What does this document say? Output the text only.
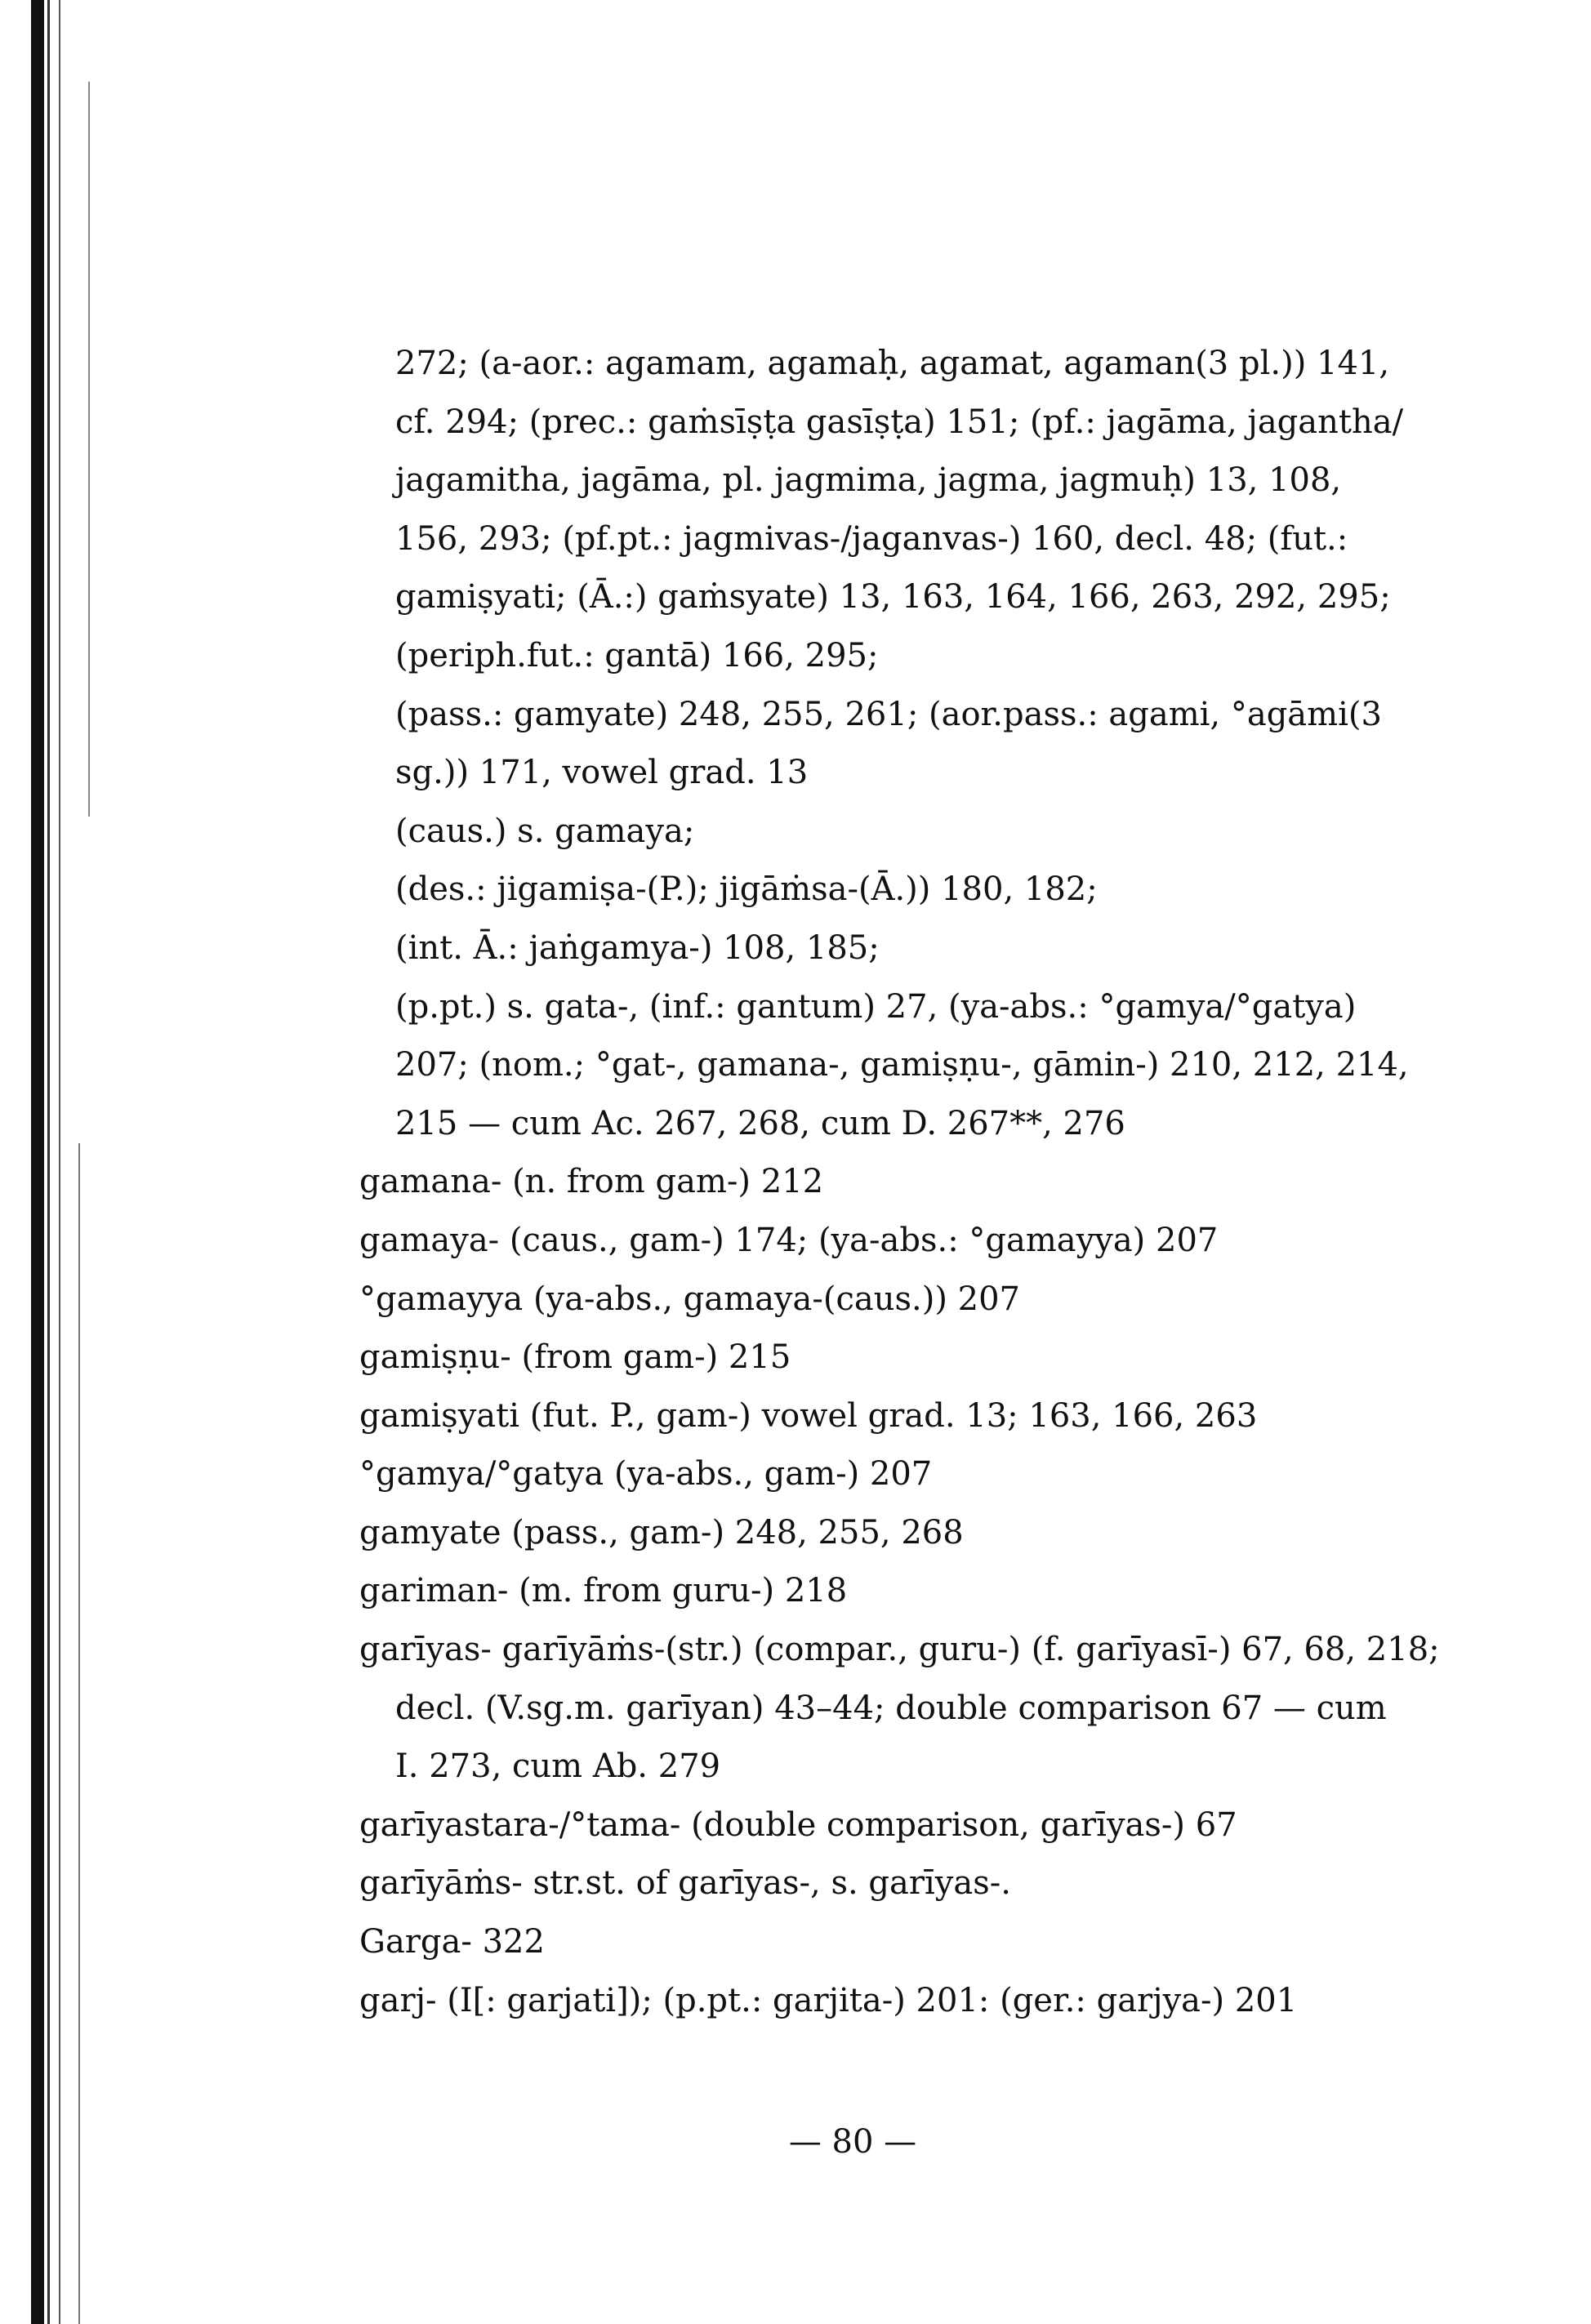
272; (a-aor.: agamam, agamaḥ, agamat, agaman(3 pl.)) 141,
cf. 294; (prec.: gaṁsīṣṭa gasīṣṭa) 151; (pf.: jagāma, jagantha/
jagamitha, jagāma, pl. jagmima, jagma, jagmuḥ) 13, 108,
156, 293; (pf.pt.: jagmivas-/jaganvas-) 160, decl. 48; (fut.:
gamiṣyati; (Ā.:) gaṁsyate) 13, 163, 164, 166, 263, 292, 295;
(periph.fut.: gantā) 166, 295;
(pass.: gamyate) 248, 255, 261; (aor.pass.: agami, °agāmi(3
sg.)) 171, vowel grad. 13
(caus.) s. gamaya;
(des.: jigamiṣa-(P.); jigāṁsa-(Ā.)) 180, 182;
(int. Ā.: jaṅgamya-) 108, 185;
(p.pt.) s. gata-, (inf.: gantum) 27, (ya-abs.: °gamya/°gatya)
207; (nom.; °gat-, gamana-, gamiṣṇu-, gāmin-) 210, 212, 214,
215 — cum Ac. 267, 268, cum D. 267**, 276
gamana- (n. from gam-) 212
gamaya- (caus., gam-) 174; (ya-abs.: °gamayya) 207
°gamayya (ya-abs., gamaya-(caus.)) 207
gamiṣṇu- (from gam-) 215
gamiṣyati (fut. P., gam-) vowel grad. 13; 163, 166, 263
°gamya/°gatya (ya-abs., gam-) 207
gamyate (pass., gam-) 248, 255, 268
gariman- (m. from guru-) 218
garīyas- garīyāṁs-(str.) (compar., guru-) (f. garīyasī-) 67, 68, 218;
decl. (V.sg.m. garīyan) 43–44; double comparison 67 — cum
I. 273, cum Ab. 279
garīyastara-/°tama- (double comparison, garīyas-) 67
garīyāṁs- str.st. of garīyas-, s. garīyas-.
Garga- 322
garj- (I[: garjati]); (p.pt.: garjita-) 201: (ger.: garjya-) 201
— 80 —
